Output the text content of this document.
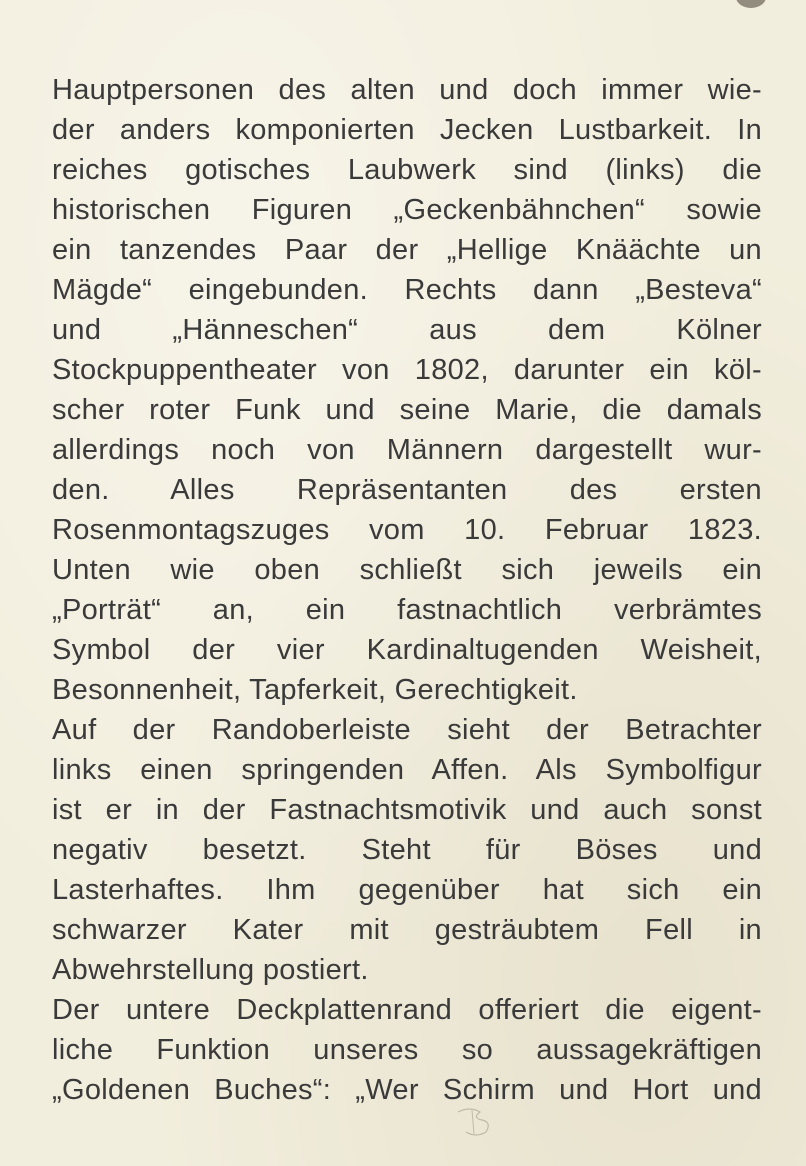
Hauptpersonen des alten und doch immer wie-
der anders komponierten Jecken Lustbarkeit. In
reiches gotisches Laubwerk sind (links) die
historischen Figuren „Geckenbähnchen“ sowie
ein tanzendes Paar der „Hellige Knäächte un
Mägde“ eingebunden. Rechts dann „Besteva“
und „Hänneschen“ aus dem Kölner
Stockpuppentheater von 1802, darunter ein köl-
scher roter Funk und seine Marie, die damals
allerdings noch von Männern dargestellt wur-
den. Alles Repräsentanten des ersten
Rosenmontagszuges vom 10. Februar 1823.
Unten wie oben schließt sich jeweils ein
„Porträt“ an, ein fastnachtlich verbrämtes
Symbol der vier Kardinaltugenden Weisheit,
Besonnenheit, Tapferkeit, Gerechtigkeit.
Auf der Randoberleiste sieht der Betrachter
links einen springenden Affen. Als Symbolfigur
ist er in der Fastnachtsmotivik und auch sonst
negativ besetzt. Steht für Böses und
Lasterhaftes. Ihm gegenüber hat sich ein
schwarzer Kater mit gesträubtem Fell in
Abwehrstellung postiert.
Der untere Deckplattenrand offeriert die eigent-
liche Funktion unseres so aussagekräftigen
„Goldenen Buches“: „Wer Schirm und Hort und
